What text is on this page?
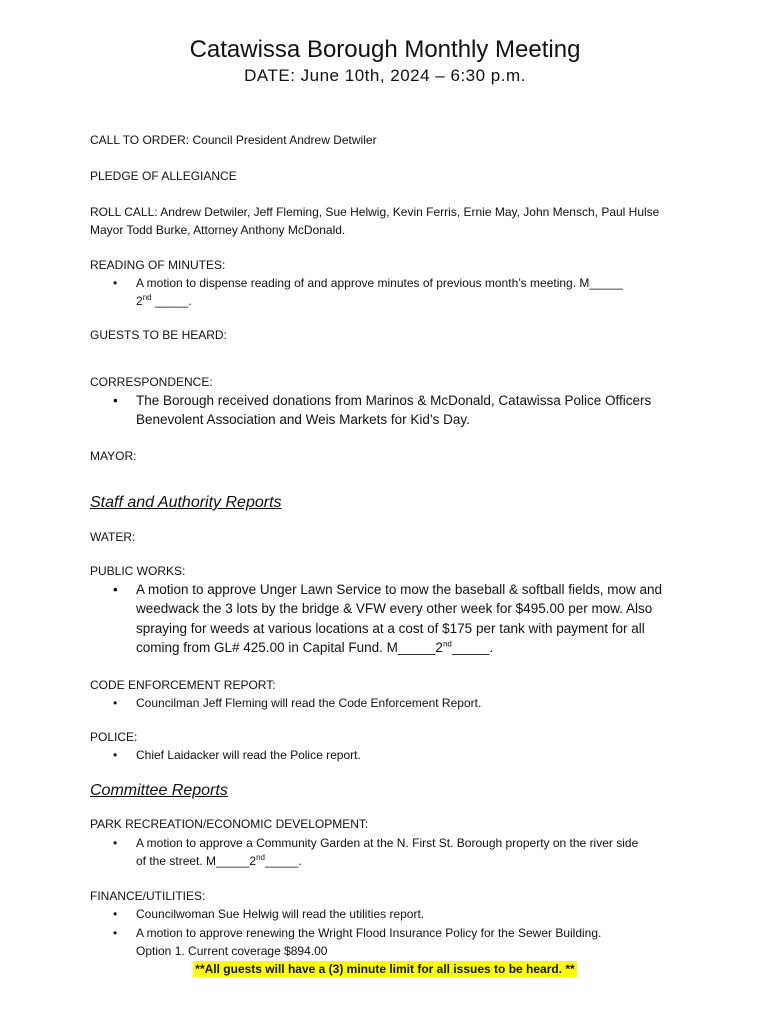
Catawissa Borough Monthly Meeting
DATE: June 10th, 2024 – 6:30 p.m.
CALL TO ORDER: Council President Andrew Detwiler
PLEDGE OF ALLEGIANCE
ROLL CALL: Andrew Detwiler, Jeff Fleming, Sue Helwig, Kevin Ferris, Ernie May, John Mensch, Paul Hulse
Mayor Todd Burke, Attorney Anthony McDonald.
READING OF MINUTES:
• A motion to dispense reading of and approve minutes of previous month’s meeting. M_____
2nd _____.
GUESTS TO BE HEARD:
CORRESPONDENCE:
• The Borough received donations from Marinos & McDonald, Catawissa Police Officers
Benevolent Association and Weis Markets for Kid’s Day.
MAYOR:
Staff and Authority Reports
WATER:
PUBLIC WORKS:
• A motion to approve Unger Lawn Service to mow the baseball & softball fields, mow and
weedwack the 3 lots by the bridge & VFW every other week for $495.00 per mow. Also
spraying for weeds at various locations at a cost of $175 per tank with payment for all
coming from GL# 425.00 in Capital Fund. M_____2nd_____.
CODE ENFORCEMENT REPORT:
• Councilman Jeff Fleming will read the Code Enforcement Report.
POLICE:
• Chief Laidacker will read the Police report.
Committee Reports
PARK RECREATION/ECONOMIC DEVELOPMENT:
• A motion to approve a Community Garden at the N. First St. Borough property on the river side
of the street. M_____2nd_____.
FINANCE/UTILITIES:
• Councilwoman Sue Helwig will read the utilities report.
• A motion to approve renewing the Wright Flood Insurance Policy for the Sewer Building.
Option 1. Current coverage $894.00
**All guests will have a (3) minute limit for all issues to be heard. **
